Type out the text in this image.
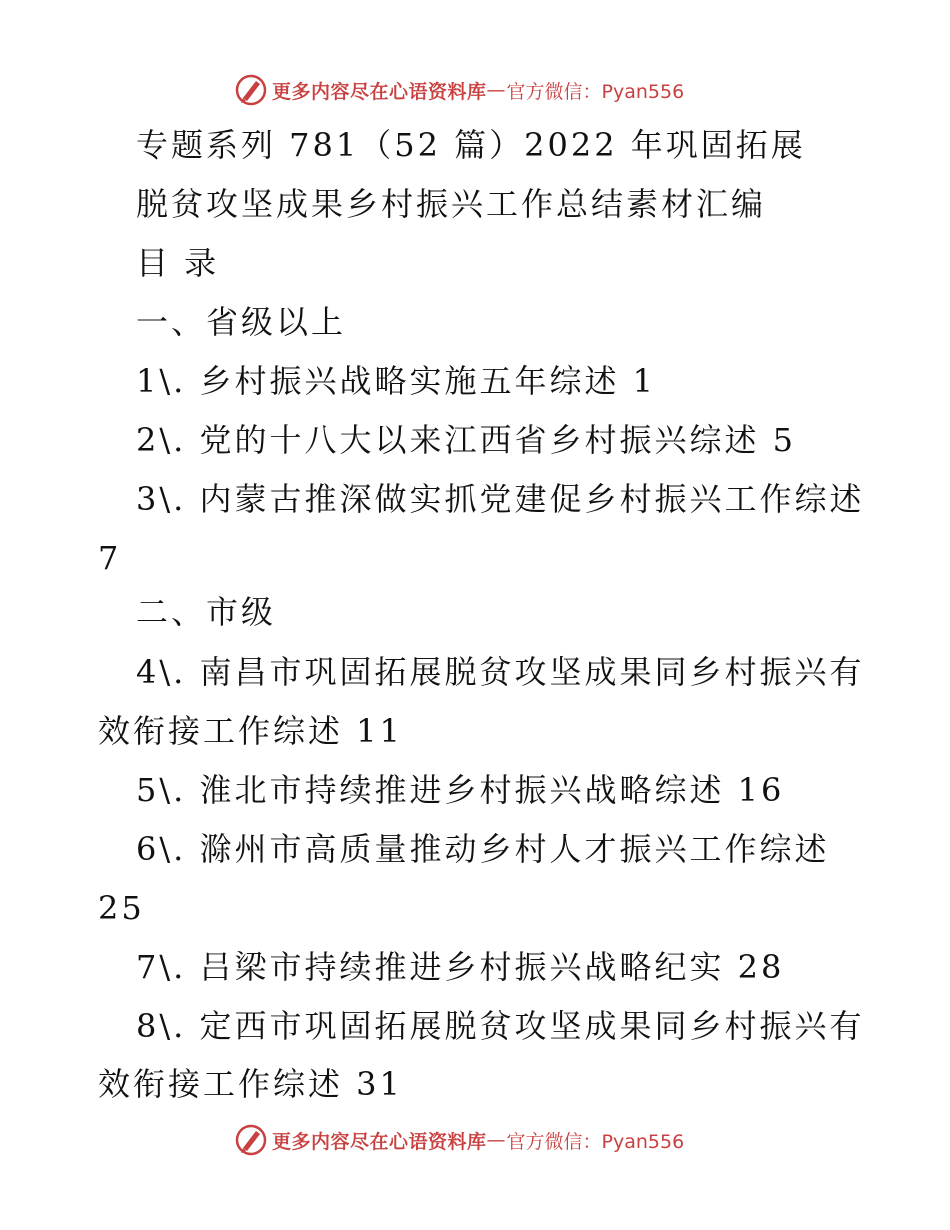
更多内容尽在心语资料库 — 官方微信：Pyan556
专题系列 781（52 篇）2022 年巩固拓展
脱贫攻坚成果乡村振兴工作总结素材汇编
目 录
一、省级以上
1\. 乡村振兴战略实施五年综述 1
2\. 党的十八大以来江西省乡村振兴综述 5
3\. 内蒙古推深做实抓党建促乡村振兴工作综述
7
二、市级
4\. 南昌市巩固拓展脱贫攻坚成果同乡村振兴有
效衔接工作综述 11
5\. 淮北市持续推进乡村振兴战略综述 16
6\. 滁州市高质量推动乡村人才振兴工作综述
25
7\. 吕梁市持续推进乡村振兴战略纪实 28
8\. 定西市巩固拓展脱贫攻坚成果同乡村振兴有
效衔接工作综述 31
更多内容尽在心语资料库 — 官方微信：Pyan556
